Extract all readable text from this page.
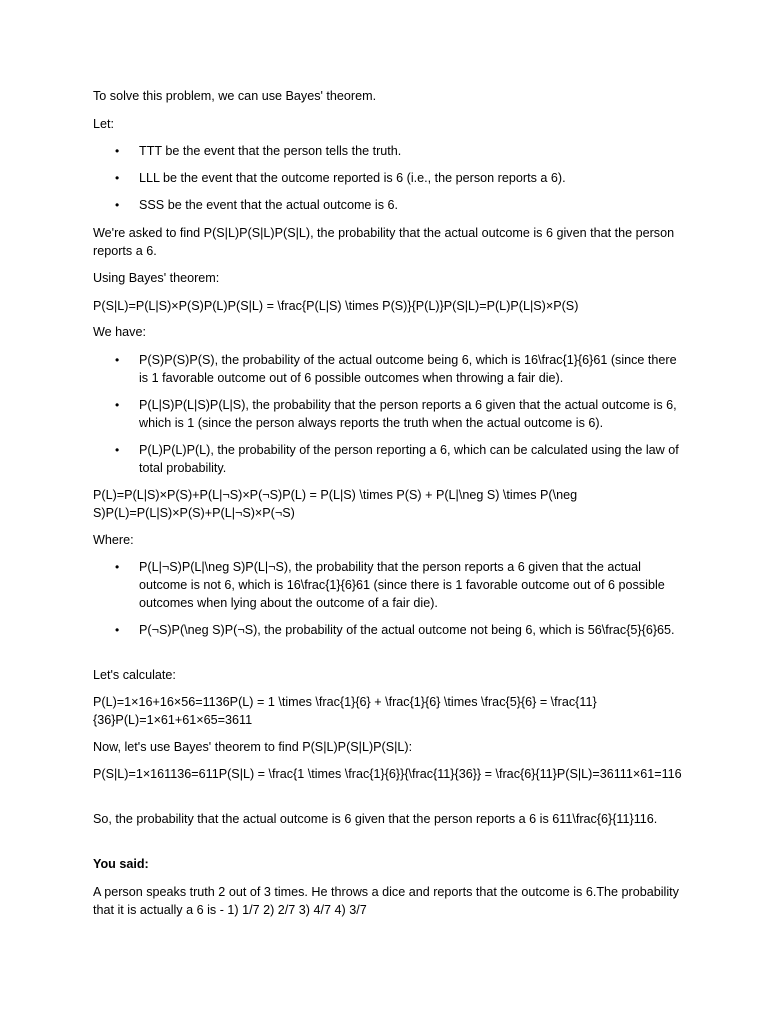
To solve this problem, we can use Bayes' theorem.

Let:

• TTT be the event that the person tells the truth.
• LLL be the event that the outcome reported is 6 (i.e., the person reports a 6).
• SSS be the event that the actual outcome is 6.

We're asked to find P(S|L)P(S|L)P(S|L), the probability that the actual outcome is 6 given that the person reports a 6.

Using Bayes' theorem:

P(S|L)=P(L|S)×P(S)P(L)P(S|L) = \frac{P(L|S) \times P(S)}{P(L)}P(S|L)=P(L)P(L|S)×P(S)

We have:

• P(S)P(S)P(S), the probability of the actual outcome being 6, which is 16\frac{1}{6}61 (since there is 1 favorable outcome out of 6 possible outcomes when throwing a fair die).
• P(L|S)P(L|S)P(L|S), the probability that the person reports a 6 given that the actual outcome is 6, which is 1 (since the person always reports the truth when the actual outcome is 6).
• P(L)P(L)P(L), the probability of the person reporting a 6, which can be calculated using the law of total probability.

P(L)=P(L|S)×P(S)+P(L|¬S)×P(¬S)P(L) = P(L|S) \times P(S) + P(L|\neg S) \times P(\neg S)P(L)=P(L|S)×P(S)+P(L|¬S)×P(¬S)

Where:

• P(L|¬S)P(L|\neg S)P(L|¬S), the probability that the person reports a 6 given that the actual outcome is not 6, which is 16\frac{1}{6}61 (since there is 1 favorable outcome out of 6 possible outcomes when lying about the outcome of a fair die).
• P(¬S)P(\neg S)P(¬S), the probability of the actual outcome not being 6, which is 56\frac{5}{6}65.

Let's calculate:

P(L)=1×16+16×56=1136P(L) = 1 \times \frac{1}{6} + \frac{1}{6} \times \frac{5}{6} = \frac{11}{36}P(L)=1×61+61×65=3611

Now, let's use Bayes' theorem to find P(S|L)P(S|L)P(S|L):

P(S|L)=1×161136=611P(S|L) = \frac{1 \times \frac{1}{6}}{\frac{11}{36}} = \frac{6}{11}P(S|L)=3611​1×61​​=116

So, the probability that the actual outcome is 6 given that the person reports a 6 is 611\frac{6}{11}116.

You said:

A person speaks truth 2 out of 3 times. He throws a dice and reports that the outcome is 6.The probability that it is actually a 6 is - 1) 1/7 2) 2/7 3) 4/7 4) 3/7
